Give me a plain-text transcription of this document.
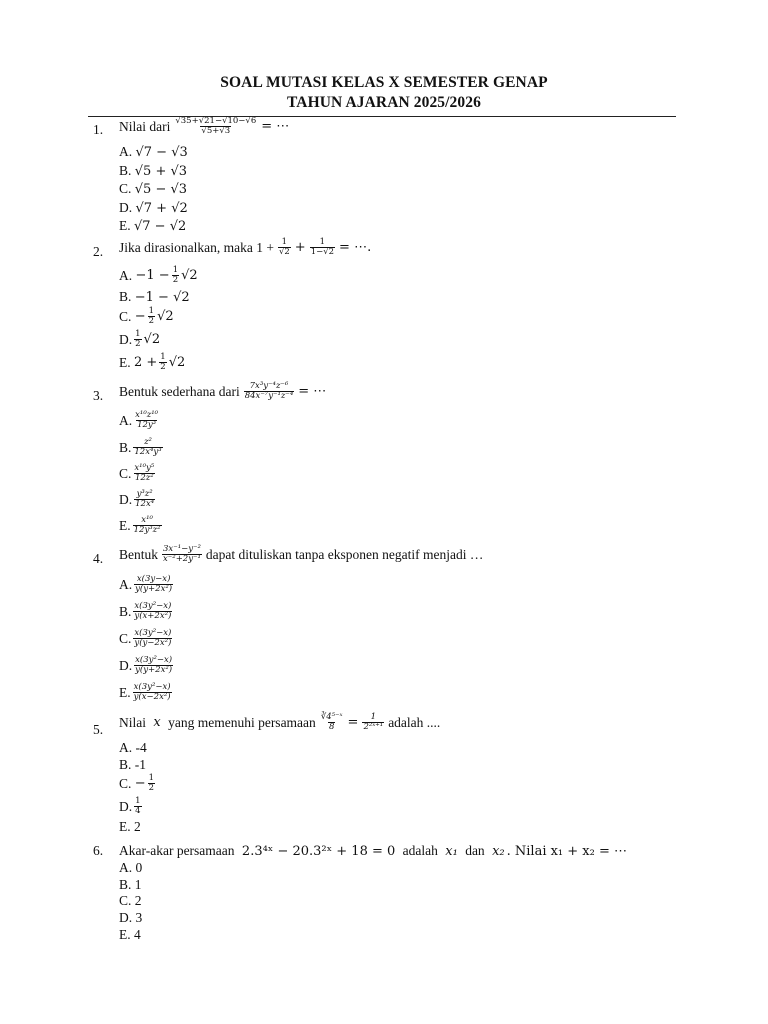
SOAL MUTASI KELAS X SEMESTER GENAP
TAHUN AJARAN 2025/2026
1. Nilai dari $\frac{√35+√21-√10-√6}{√5+√3}$ = ⋯
A.
√7 − √3
B.
√5 + √3
C.
√5 − √3
D.
√7 + √2
E.
√7 − √2
2. Jika dirasionalkan, maka $1 + \frac{1}{√2} + \frac{1}{1-√2}$ = ⋯.
A.
$-1 - \frac{1}{2} √2$
B.
−1 − √2
C.
− $\frac{1}{2} √2$
D. $\frac{1}{2} √2$
E.
$2 + \frac{1}{2} √2$
3. Bentuk sederhana dari $\frac{\text{7x³y⁻⁴z⁻⁶}}{\text{84x⁻⁷y⁻¹z⁻⁴}}$ = ⋯
A. $\frac{\text{x¹⁰z¹⁰}}{\text{12y³}}$
B. $\frac{\text{z²}}{\text{12x⁴y³}}$
C. $\frac{\text{x¹⁰y⁵}}{\text{12z²}}$
D. $\frac{\text{y³z²}}{\text{12x⁴}}$
E. $\frac{\text{x¹⁰}}{\text{12y³z²}}$
4. Bentuk $\frac{\text{3x⁻¹−y⁻²}}{\text{x⁻²+2y⁻¹}}$ dapat dituliskan tanpa eksponen negatif menjadi …
A. $\frac{x(3y-x)}{\text{y(y+2x²)}}$
B. $\frac{\text{x(3y²−x)}}{\text{y(x+2x²)}}$
C. $\frac{\text{x(3y²−x)}}{\text{y(y−2x²)}}$
D. $\frac{\text{x(3y²−x)}}{\text{y(y+2x²)}}$
E. $\frac{\text{x(3y²−x)}}{\text{y(x−2x²)}}$
5. Nilai
x
yang memenuhi persamaan $\frac{\text{∛4⁵⁻ˣ}}{8} = \frac{1}{\text{2²ˣ⁺¹}}$ adalah ....
A.
-4
B.
-1
C.
− $\frac{1}{2}$
D. $\frac{1}{4}$
E.
2
6. Akar-akar persamaan
2.3⁴ˣ − 20.3²ˣ + 18 = 0
adalah
x₁
dan
x₂ . Nilai x₁ + x₂ = ⋯
A.
0
B.
1
C.
2
D.
3
E.
4
